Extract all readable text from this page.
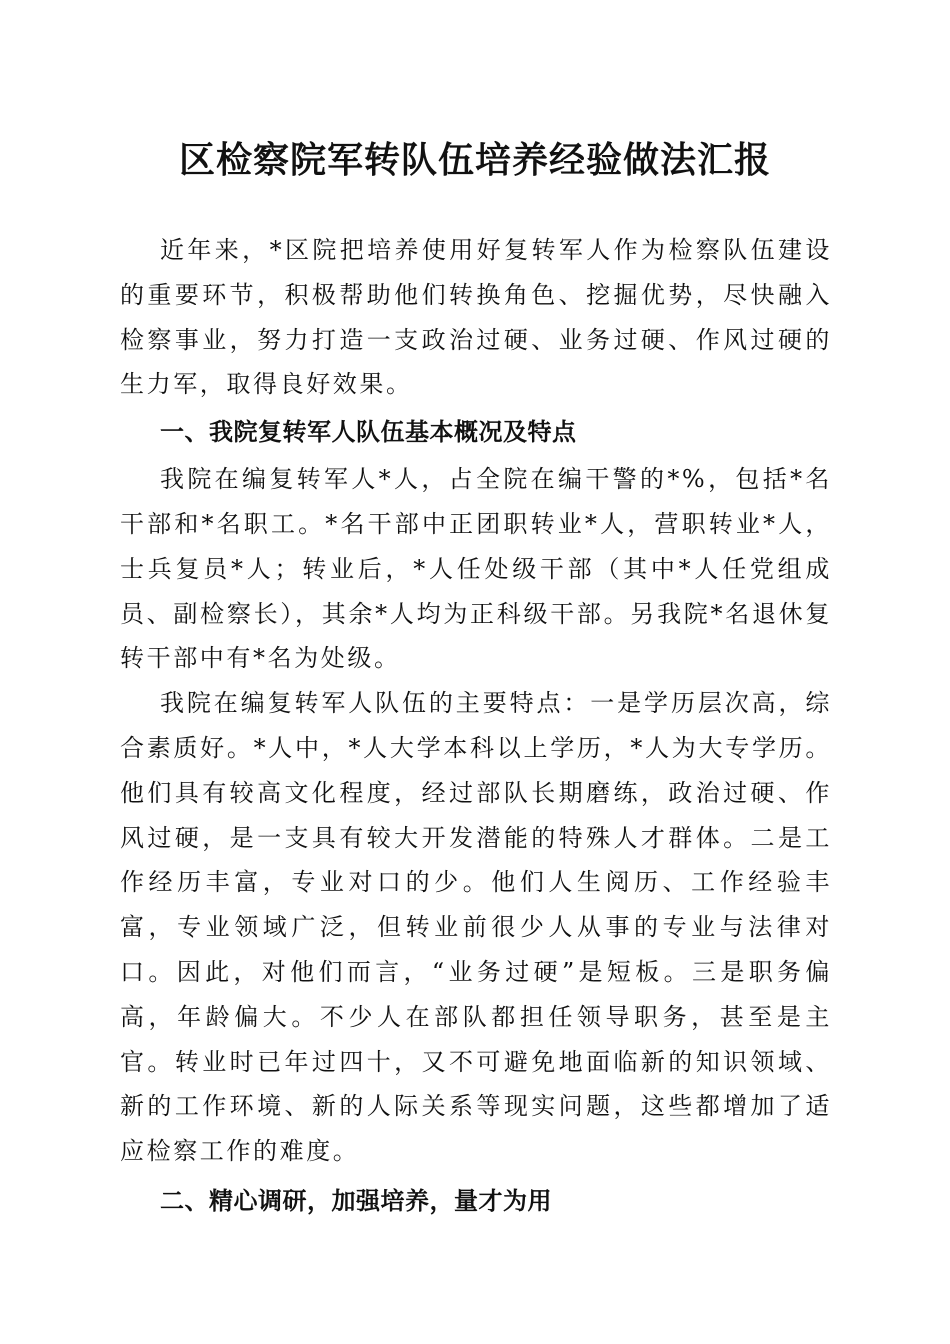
区检察院军转队伍培养经验做法汇报

近年来，*区院把培养使用好复转军人作为检察队伍建设的重要环节，积极帮助他们转换角色、挖掘优势，尽快融入检察事业，努力打造一支政治过硬、业务过硬、作风过硬的生力军，取得良好效果。

一、我院复转军人队伍基本概况及特点

我院在编复转军人*人，占全院在编干警的*%，包括*名干部和*名职工。*名干部中正团职转业*人，营职转业*人，士兵复员*人；转业后，*人任处级干部（其中*人任党组成员、副检察长），其余*人均为正科级干部。另我院*名退休复转干部中有*名为处级。

我院在编复转军人队伍的主要特点：一是学历层次高，综合素质好。*人中，*人大学本科以上学历，*人为大专学历。他们具有较高文化程度，经过部队长期磨练，政治过硬、作风过硬，是一支具有较大开发潜能的特殊人才群体。二是工作经历丰富，专业对口的少。他们人生阅历、工作经验丰富，专业领域广泛，但转业前很少人从事的专业与法律对口。因此，对他们而言，“业务过硬”是短板。三是职务偏高，年龄偏大。不少人在部队都担任领导职务，甚至是主官。转业时已年过四十，又不可避免地面临新的知识领域、新的工作环境、新的人际关系等现实问题，这些都增加了适应检察工作的难度。

二、精心调研，加强培养，量才为用
